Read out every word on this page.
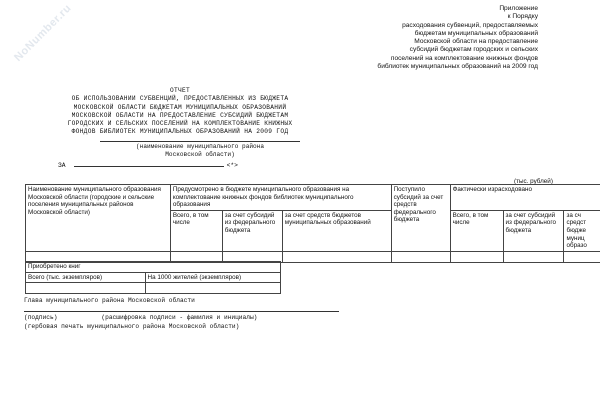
NoNumber.ru	Приложение
к Порядку
расходования субвенций, предоставляемых
бюджетам муниципальных образований
Московской области на предоставление
субсидий бюджетам городских и сельских
поселений на комплектование книжных фондов
библиотек муниципальных образований на 2009 год
ОТЧЕТ
ОБ ИСПОЛЬЗОВАНИИ СУБВЕНЦИЙ, ПРЕДОСТАВЛЕННЫХ ИЗ БЮДЖЕТА
МОСКОВСКОЙ ОБЛАСТИ БЮДЖЕТАМ МУНИЦИПАЛЬНЫХ ОБРАЗОВАНИЙ
МОСКОВСКОЙ ОБЛАСТИ НА ПРЕДОСТАВЛЕНИЕ СУБСИДИЙ БЮДЖЕТАМ
ГОРОДСКИХ И СЕЛЬСКИХ ПОСЕЛЕНИЙ НА КОМПЛЕКТОВАНИЕ КНИЖНЫХ
ФОНДОВ БИБЛИОТЕК МУНИЦИПАЛЬНЫХ ОБРАЗОВАНИЙ НА 2009 ГОД
(наименование муниципального района
Московской области)
ЗА	<*>
(тыс. рублей)
Наименование муниципального образования Московской области (городские и сельские поселения муниципальных районов Московской области)	Предусмотрено в бюджете муниципального образования на комплектование книжных фондов библиотек муниципального образования			Поступило субсидий за счет средств федерального бюджета	Фактически израсходовано		
	Всего, в том числе	за счет субсидий из федерального бюджета	за счет средств бюджетов муниципальных образований		Всего, в том числе	за счет субсидий из федерального бюджета	за сч средст бюдже муниц образо

Приобретено книг	
Всего (тыс. экземпляров)	На 1000 жителей (экземпляров)

Глава муниципального района Московской области
(подпись)	(расшифровка подписи - фамилия и инициалы)
(гербовая печать муниципального района Московской области)
